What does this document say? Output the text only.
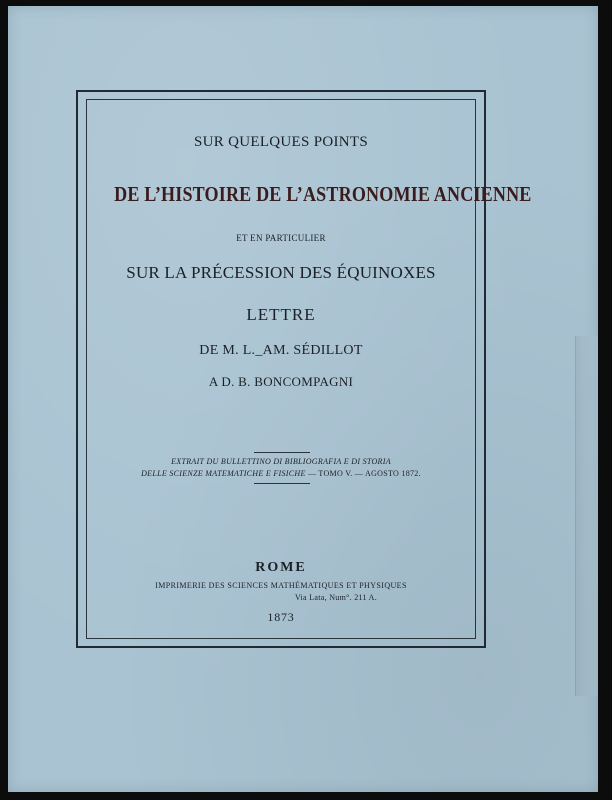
SUR QUELQUES POINTS
DE L’HISTOIRE DE L’ASTRONOMIE ANCIENNE
ET EN PARTICULIER
SUR LA PRÉCESSION DES ÉQUINOXES
LETTRE
DE M. L._AM. SÉDILLOT
A D. B. BONCOMPAGNI
EXTRAIT DU BULLETTINO DI BIBLIOGRAFIA E DI STORIA
DELLE SCIENZE MATEMATICHE E FISICHE — TOMO V. — AGOSTO 1872.
ROME
IMPRIMERIE DES SCIENCES MATHÉMATIQUES ET PHYSIQUES
Via Lata, Num°. 211 A.
1873
